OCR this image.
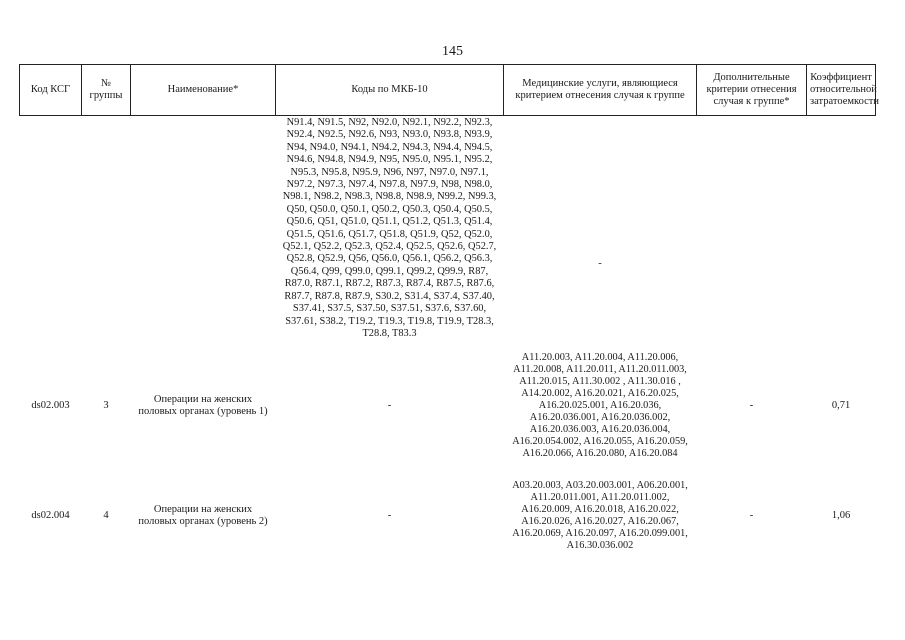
145
Код КСГ	№ группы	Наименование*	Коды по МКБ-10	Медицинские услуги, являющиеся критерием отнесения случая к группе	Дополнительные критерии отнесения случая к группе*	Коэффициент относительной затратоемкости

			N91.4, N91.5, N92, N92.0, N92.1, N92.2, N92.3, N92.4, N92.5, N92.6, N93, N93.0, N93.8, N93.9, N94, N94.0, N94.1, N94.2, N94.3, N94.4, N94.5, N94.6, N94.8, N94.9, N95, N95.0, N95.1, N95.2, N95.3, N95.8, N95.9, N96, N97, N97.0, N97.1, N97.2, N97.3, N97.4, N97.8, N97.9, N98, N98.0, N98.1, N98.2, N98.3, N98.8, N98.9, N99.2, N99.3, Q50, Q50.0, Q50.1, Q50.2, Q50.3, Q50.4, Q50.5, Q50.6, Q51, Q51.0, Q51.1, Q51.2, Q51.3, Q51.4, Q51.5, Q51.6, Q51.7, Q51.8, Q51.9, Q52, Q52.0, Q52.1, Q52.2, Q52.3, Q52.4, Q52.5, Q52.6, Q52.7, Q52.8, Q52.9, Q56, Q56.0, Q56.1, Q56.2, Q56.3, Q56.4, Q99, Q99.0, Q99.1, Q99.2, Q99.9, R87, R87.0, R87.1, R87.2, R87.3, R87.4, R87.5, R87.6, R87.7, R87.8, R87.9, S30.2, S31.4, S37.4, S37.40, S37.41, S37.5, S37.50, S37.51, S37.6, S37.60, S37.61, S38.2, T19.2, T19.3, T19.8, T19.9, T28.3, T28.8, T83.3	-		

ds02.003	3	Операции на женских половых органах (уровень 1)	-	A11.20.003, A11.20.004, A11.20.006, A11.20.008, A11.20.011, A11.20.011.003, A11.20.015, A11.30.002 , A11.30.016 , A14.20.002, A16.20.021, A16.20.025, A16.20.025.001, A16.20.036, A16.20.036.001, A16.20.036.002, A16.20.036.003, A16.20.036.004, A16.20.054.002, A16.20.055, A16.20.059, A16.20.066, A16.20.080, A16.20.084	-	0,71
ds02.004	4	Операции на женских половых органах (уровень 2)	-	A03.20.003, A03.20.003.001, A06.20.001, A11.20.011.001, A11.20.011.002, A16.20.009, A16.20.018, A16.20.022, A16.20.026, A16.20.027, A16.20.067, A16.20.069, A16.20.097, A16.20.099.001, A16.30.036.002	-	1,06
